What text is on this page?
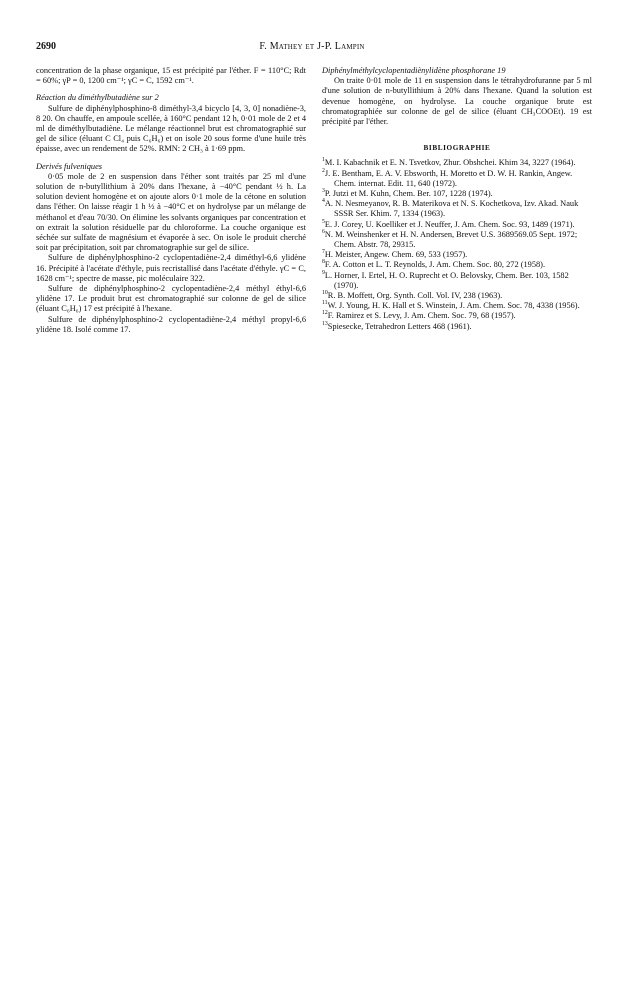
2690	F. Mathey et J-P. Lampin

concentration de la phase organique, 15 est précipité par l'éther. F = 110°C; Rdt = 60%; γP = 0, 1200 cm⁻¹; γC = C, 1592 cm⁻¹.

Réaction du diméthylbutadiène sur 2

Sulfure de diphénylphosphino-8 diméthyl-3,4 bicyclo [4, 3, 0] nonadiène-3, 8 20. On chauffe, en ampoule scellée, à 160°C pendant 12 h, 0·01 mole de 2 et 4 ml de diméthylbutadiène. Le mélange réactionnel brut est chromatographié sur gel de silice (éluant C Cl₄ puis C₆H₆) et on isole 20 sous forme d'une huile très épaisse, avec un rendement de 52%. RMN: 2 CH₃ à 1·69 ppm.

Derivés fulveniques

0·05 mole de 2 en suspension dans l'éther sont traités par 25 ml d'une solution de n-butyllithium à 20% dans l'hexane, à −40°C pendant ½ h. La solution devient homogène et on ajoute alors 0·1 mole de la cétone en solution dans l'éther. On laisse réagir 1 h ½ à −40°C et on hydrolyse par un mélange de méthanol et d'eau 70/30. On élimine les solvants organiques par concentration et on extrait la solution résiduelle par du chloroforme. La couche organique est séchée sur sulfate de magnésium et évaporée à sec. On isole le produit cherché soit par précipitation, soit par chromatographie sur gel de silice.

Sulfure de diphénylphosphino-2 cyclopentadiène-2,4 diméthyl-6,6 ylidène 16. Précipité à l'acétate d'éthyle, puis recristallisé dans l'acétate d'éthyle. γC = C, 1628 cm⁻¹; spectre de masse, pic moléculaire 322.

Sulfure de diphénylphosphino-2 cyclopentadiène-2,4 méthyl éthyl-6,6 ylidène 17. Le produit brut est chromatographié sur colonne de gel de silice (éluant C₆H₆) 17 est précipité à l'hexane.

Sulfure de diphénylphosphino-2 cyclopentadiène-2,4 méthyl propyl-6,6 ylidène 18. Isolé comme 17.

Diphénylméthylcyclopentadiènylidène phosphorane 19

On traite 0·01 mole de 11 en suspension dans le tétrahydrofuranne par 5 ml d'une solution de n-butyllithium à 20% dans l'hexane. Quand la solution est devenue homogène, on hydrolyse. La couche organique brute est chromatographiée sur colonne de gel de silice (éluant CH₃COOEt). 19 est précipité par l'éther.

BIBLIOGRAPHIE

$^1$M. I. Kabachnik et E. N. Tsvetkov, Zhur. Obshchei. Khim 34, 3227 (1964).

$^2$J. E. Bentham, E. A. V. Ebsworth, H. Moretto et D. W. H. Rankin, Angew. Chem. internat. Edit. 11, 640 (1972).

$^3$P. Jutzi et M. Kuhn, Chem. Ber. 107, 1228 (1974).

$^4$A. N. Nesmeyanov, R. B. Materikova et N. S. Kochetkova, Izv. Akad. Nauk SSSR Ser. Khim. 7, 1334 (1963).

$^5$E. J. Corey, U. Koelliker et J. Neuffer, J. Am. Chem. Soc. 93, 1489 (1971).

$^6$N. M. Weinshenker et H. N. Andersen, Brevet U.S. 3689569.05 Sept. 1972; Chem. Abstr. 78, 29315.

$^7$H. Meister, Angew. Chem. 69, 533 (1957).

$^8$F. A. Cotton et L. T. Reynolds, J. Am. Chem. Soc. 80, 272 (1958).

$^9$L. Horner, I. Ertel, H. O. Ruprecht et O. Belovsky, Chem. Ber. 103, 1582 (1970).

$^{10}$R. B. Moffett, Org. Synth. Coll. Vol. IV, 238 (1963).

$^{11}$W. J. Young, H. K. Hall et S. Winstein, J. Am. Chem. Soc. 78, 4338 (1956).

$^{12}$F. Ramirez et S. Levy, J. Am. Chem. Soc. 79, 68 (1957).

$^{13}$Spiesecke, Tetrahedron Letters 468 (1961).
